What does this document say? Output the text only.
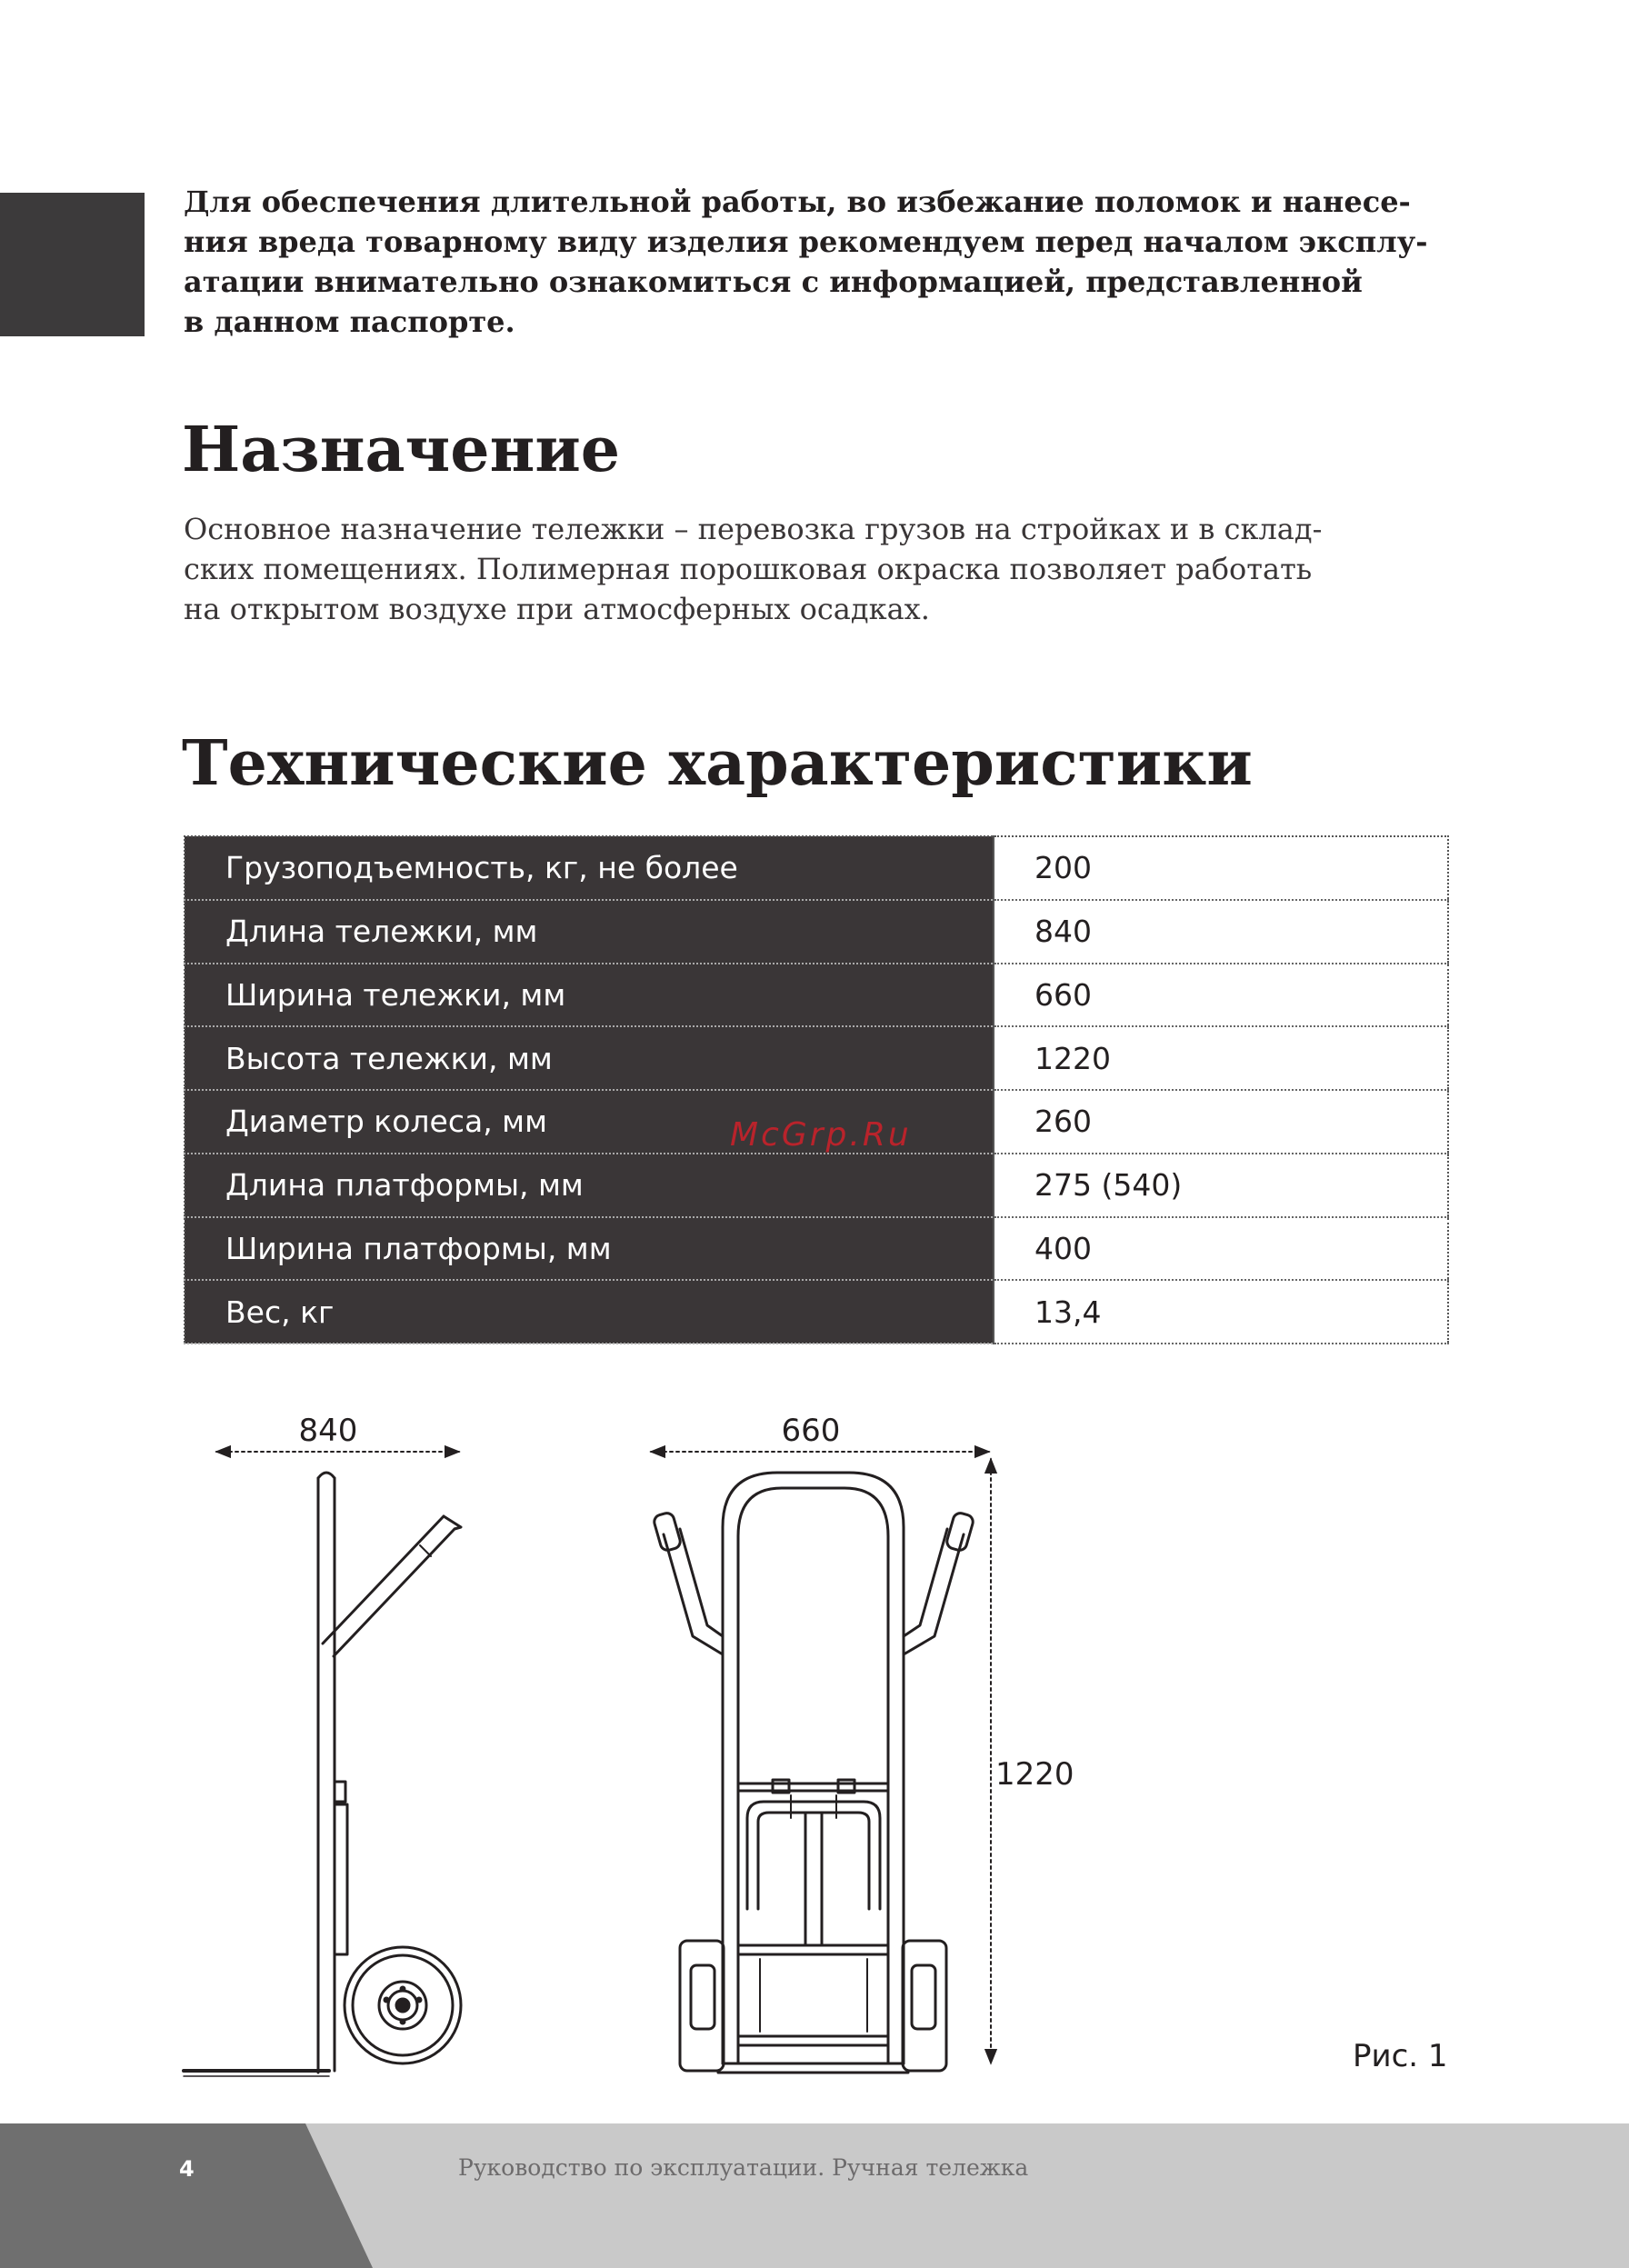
Для обеспечения длительной работы, во избежание поломок и нанесе-
ния вреда товарному виду изделия рекомендуем перед началом эксплу-
атации внимательно ознакомиться с информацией, представленной
в данном паспорте.
Назначение
Основное назначение тележки – перевозка грузов на стройках и в склад-
ских помещениях. Полимерная порошковая окраска позволяет работать
на открытом воздухе при атмосферных осадках.
Технические характеристики
Грузоподъемность, кг, не более	200
Длина тележки, мм	840
Ширина тележки, мм	660
Высота тележки, мм	1220
Диаметр колеса, мм	260
Длина платформы, мм	275 (540)
Ширина платформы, мм	400
Вес, кг	13,4
McGrp.Ru
840	660
1220
Рис. 1
4	Руководство по эксплуатации. Ручная тележка
